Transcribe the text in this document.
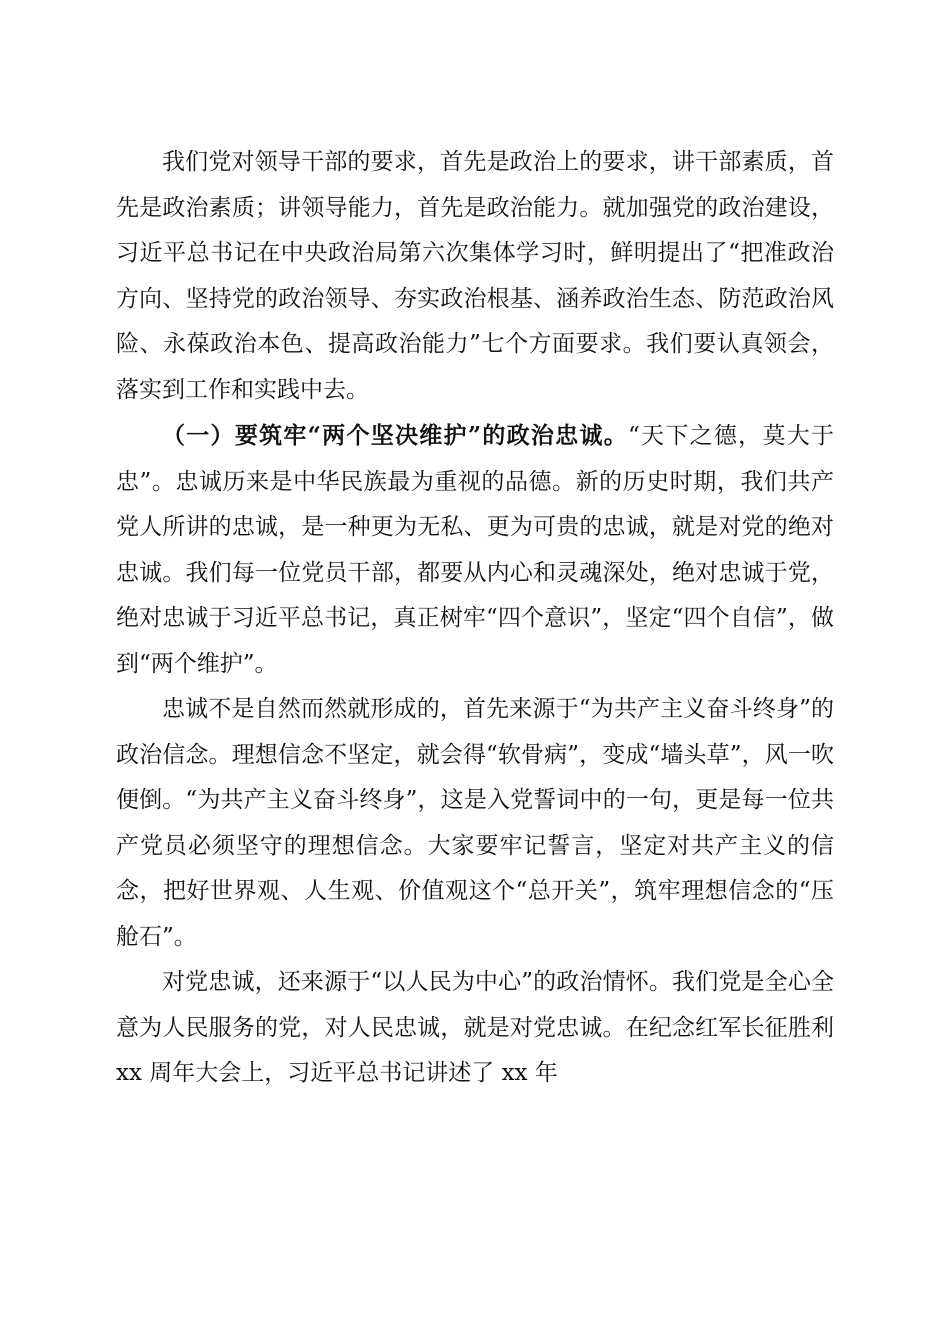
我们党对领导干部的要求，首先是政治上的要求，讲干部素质，首先是政治素质；讲领导能力，首先是政治能力。就加强党的政治建设，习近平总书记在中央政治局第六次集体学习时，鲜明提出了“把准政治方向、坚持党的政治领导、夯实政治根基、涵养政治生态、防范政治风险、永葆政治本色、提高政治能力”七个方面要求。我们要认真领会，落实到工作和实践中去。

（一）要筑牢“两个坚决维护”的政治忠诚。“天下之德，莫大于忠”。忠诚历来是中华民族最为重视的品德。新的历史时期，我们共产党人所讲的忠诚，是一种更为无私、更为可贵的忠诚，就是对党的绝对忠诚。我们每一位党员干部，都要从内心和灵魂深处，绝对忠诚于党，绝对忠诚于习近平总书记，真正树牢“四个意识”，坚定“四个自信”，做到“两个维护”。

忠诚不是自然而然就形成的，首先来源于“为共产主义奋斗终身”的政治信念。理想信念不坚定，就会得“软骨病”，变成“墙头草”，风一吹便倒。“为共产主义奋斗终身”，这是入党誓词中的一句，更是每一位共产党员必须坚守的理想信念。大家要牢记誓言，坚定对共产主义的信念，把好世界观、人生观、价值观这个“总开关”，筑牢理想信念的“压舱石”。

对党忠诚，还来源于“以人民为中心”的政治情怀。我们党是全心全意为人民服务的党，对人民忠诚，就是对党忠诚。在纪念红军长征胜利 xx 周年大会上，习近平总书记讲述了 xx 年
